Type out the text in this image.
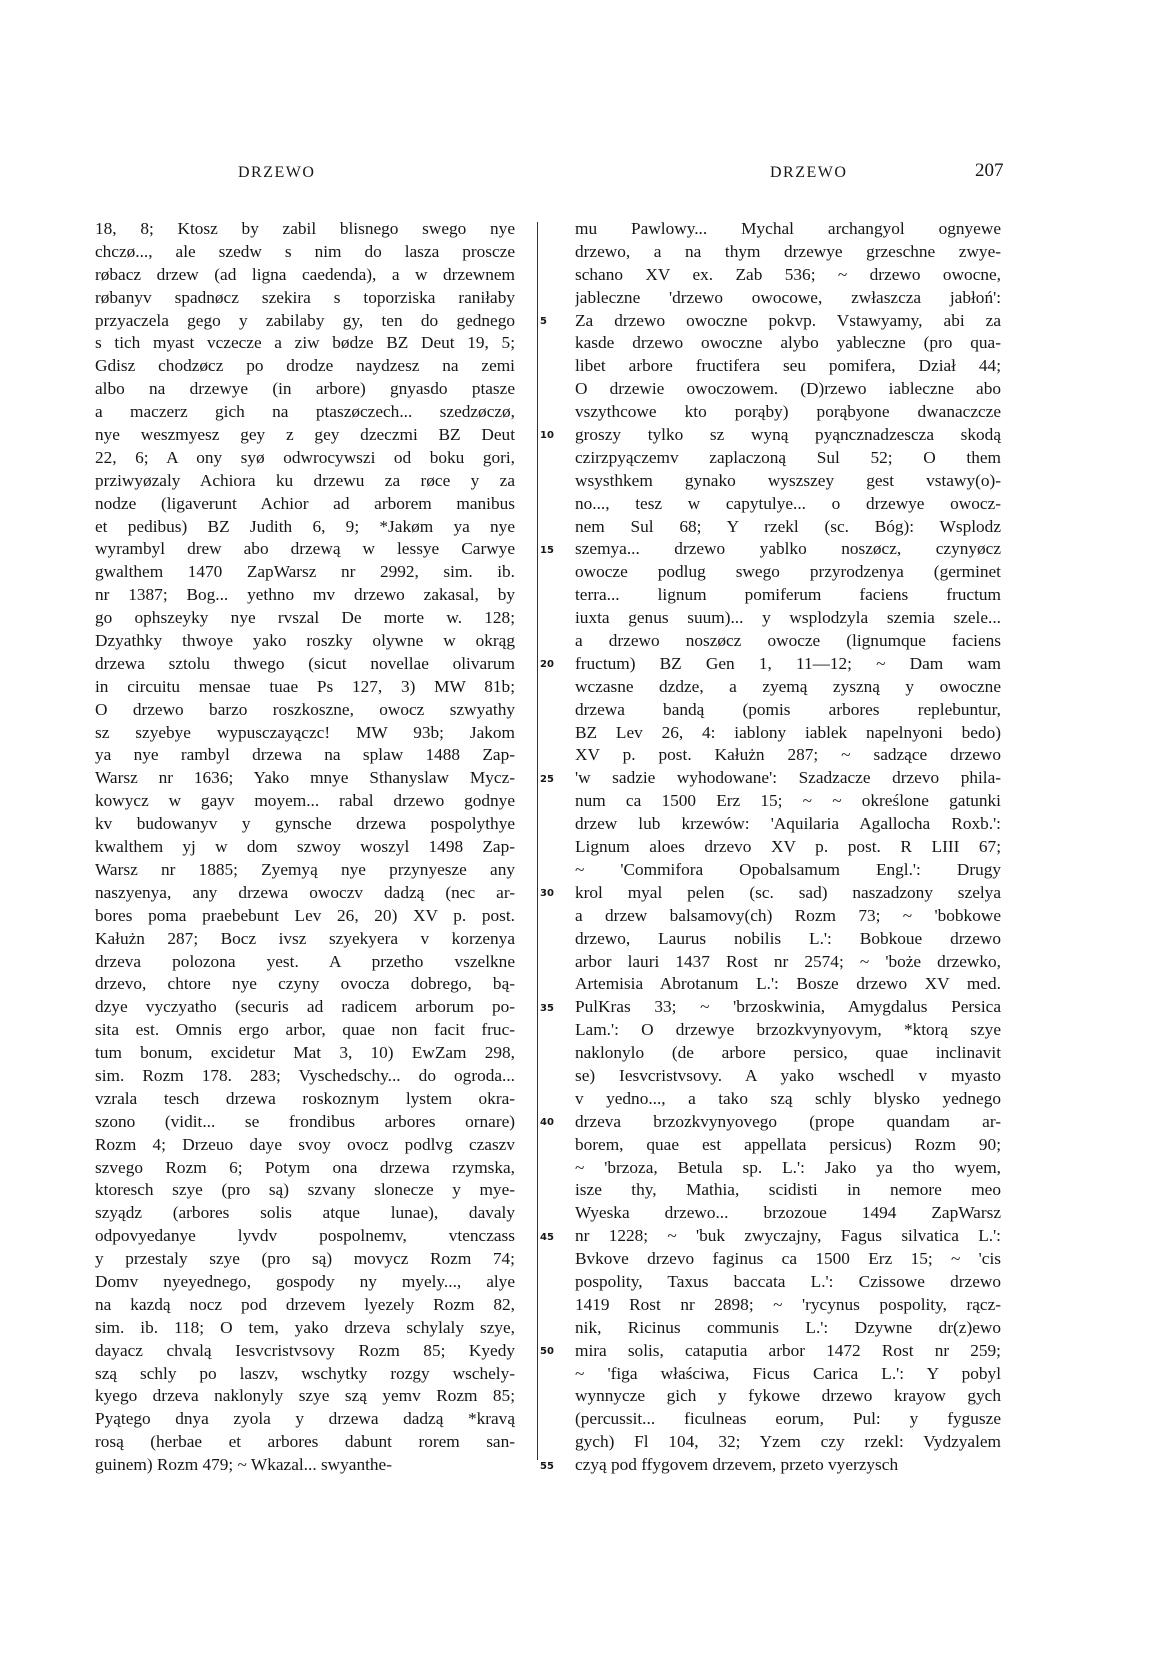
DRZEWO	DRZEWO	207
18, 8; Ktosz by zabil blisnego swego nye
chczø..., ale szedw s nim do lasza proscze
røbacz drzew (ad ligna caedenda), a w drzewnem
røbanyv spadnøcz szekira s toporziska raniłaby
przyaczela gego y zabilaby gy, ten do gednego
s tich myast vczecze a ziw bødze BZ Deut 19, 5;
Gdisz chodzøcz po drodze naydzesz na zemi
albo na drzewye (in arbore) gnyasdo ptasze
a maczerz gich na ptaszøczech... szedzøczø,
nye weszmyesz gey z gey dzeczmi BZ Deut
22, 6; A ony syø odwrocywszi od boku gori,
prziwyøzaly Achiora ku drzewu za røce y za
nodze (ligaverunt Achior ad arborem manibus
et pedibus) BZ Judith 6, 9; *Jakøm ya nye
wyrambyl drew abo drzewą w lessye Carwye
gwalthem 1470 ZapWarsz nr 2992, sim. ib.
nr 1387; Bog... yethno mv drzewo zakasal, by
go ophszeyky nye rvszal De morte w. 128;
Dzyathky thwoye yako roszky olywne w okrąg
drzewa sztolu thwego (sicut novellae olivarum
in circuitu mensae tuae Ps 127, 3) MW 81b;
O drzewo barzo roszkoszne, owocz szwyathy
sz szyebye wypusczayączc! MW 93b; Jakom
ya nye rambyl drzewa na splaw 1488 Zap-
Warsz nr 1636; Yako mnye Sthanyslaw Mycz-
kowycz w gayv moyem... rabal drzewo godnye
kv budowanyv y gynsche drzewa pospolythye
kwalthem yj w dom szwoy woszyl 1498 Zap-
Warsz nr 1885; Zyemyą nye przynyesze any
naszyenya, any drzewa owoczv dadzą (nec ar-
bores poma praebebunt Lev 26, 20) XV p. post.
Kałużn 287; Bocz ivsz szyekyera v korzenya
drzeva polozona yest. A przetho vszelkne
drzevo, chtore nye czyny ovocza dobrego, bą-
dzye vyczyatho (securis ad radicem arborum po-
sita est. Omnis ergo arbor, quae non facit fruc-
tum bonum, excidetur Mat 3, 10) EwZam 298,
sim. Rozm 178. 283; Vyschedschy... do ogroda...
vzrala tesch drzewa roskoznym lystem okra-
szono (vidit... se frondibus arbores ornare)
Rozm 4; Drzeuo daye svoy ovocz podlvg czaszv
szvego Rozm 6; Potym ona drzewa rzymska,
ktoresch szye (pro są) szvany slonecze y mye-
szyądz (arbores solis atque lunae), davaly
odpovyedanye lyvdv pospolnemv, vtenczass
y przestaly szye (pro są) movycz Rozm 74;
Domv nyeyednego, gospody ny myely..., alye
na kazdą nocz pod drzevem lyezely Rozm 82,
sim. ib. 118; O tem, yako drzeva schylaly szye,
dayacz chvalą Iesvcristvsovy Rozm 85; Kyedy
szą schly po laszv, wschytky rozgy wschely-
kyego drzeva naklonyly szye szą yemv Rozm 85;
Pyątego dnya zyola y drzewa dadzą *kravą
rosą (herbae et arbores dabunt rorem san-
guinem) Rozm 479; ~ Wkazal... swyanthe-
5
10
15
20
25
30
35
40
45
50
55
mu Pawlowy... Mychal archangyol ognyewe
drzewo, a na thym drzewye grzeschne zwye-
schano XV ex. Zab 536; ~ drzewo owocne,
jableczne 'drzewo owocowe, zwłaszcza jabłoń':
Za drzewo owoczne pokvp. Vstawyamy, abi za
kasde drzewo owoczne alybo yableczne (pro qua-
libet arbore fructifera seu pomifera, Dział 44;
O drzewie owoczowem. (D)rzewo iableczne abo
vszythcowe kto porąby) porąbyone dwanaczcze
groszy tylko sz wyną pyąncznadzescza skodą
czirzpyączemv zaplaczoną Sul 52; O them
wsysthkem gynako wyszszey gest vstawy(o)-
no..., tesz w capytulye... o drzewye owocz-
nem Sul 68; Y rzekl (sc. Bóg): Wsplodz
szemya... drzewo yablko noszøcz, czynyøcz
owocze podlug swego przyrodzenya (germinet
terra... lignum pomiferum faciens fructum
iuxta genus suum)... y wsplodzyla szemia szele...
a drzewo noszøcz owocze (lignumque faciens
fructum) BZ Gen 1, 11—12; ~ Dam wam
wczasne dzdze, a zyemą zyszną y owoczne
drzewa bandą (pomis arbores replebuntur,
BZ Lev 26, 4: iablony iablek napelnyoni bedo)
XV p. post. Kałużn 287; ~ sadzące drzewo
'w sadzie wyhodowane': Szadzacze drzevo phila-
num ca 1500 Erz 15; ~ ~ określone gatunki
drzew lub krzewów: 'Aquilaria Agallocha Roxb.':
Lignum aloes drzevo XV p. post. R LIII 67;
~ 'Commifora Opobalsamum Engl.': Drugy
krol myal pelen (sc. sad) naszadzony szelya
a drzew balsamovy(ch) Rozm 73; ~ 'bobkowe
drzewo, Laurus nobilis L.': Bobkoue drzewo
arbor lauri 1437 Rost nr 2574; ~ 'boże drzewko,
Artemisia Abrotanum L.': Bosze drzewo XV med.
PulKras 33; ~ 'brzoskwinia, Amygdalus Persica
Lam.': O drzewye brzozkvynyovym, *ktorą szye
naklonylo (de arbore persico, quae inclinavit
se) Iesvcristvsovy. A yako wschedl v myasto
v yedno..., a tako szą schly blysko yednego
drzeva brzozkvynyovego (prope quandam ar-
borem, quae est appellata persicus) Rozm 90;
~ 'brzoza, Betula sp. L.': Jako ya tho wyem,
isze thy, Mathia, scidisti in nemore meo
Wyeska drzewo... brzozoue 1494 ZapWarsz
nr 1228; ~ 'buk zwyczajny, Fagus silvatica L.':
Bvkove drzevo faginus ca 1500 Erz 15; ~ 'cis
pospolity, Taxus baccata L.': Czissowe drzewo
1419 Rost nr 2898; ~ 'rycynus pospolity, rącz-
nik, Ricinus communis L.': Dzywne dr(z)ewo
mira solis, cataputia arbor 1472 Rost nr 259;
~ 'figa właściwa, Ficus Carica L.': Y pobyl
wynnycze gich y fykowe drzewo krayow gych
(percussit... ficulneas eorum, Pul: y fygusze
gych) Fl 104, 32; Yzem czy rzekl: Vydzyalem
czyą pod ffygovem drzevem, przeto vyerzysch
